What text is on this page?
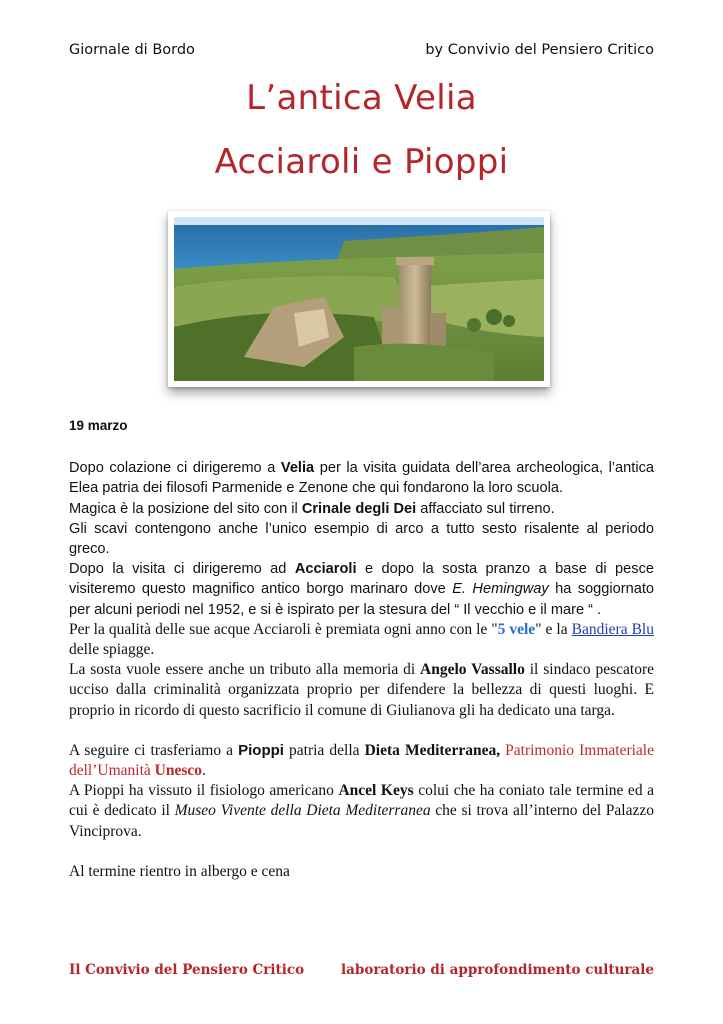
Giornale di Bordo	by Convivio del Pensiero Critico
L’antica Velia
Acciaroli e Pioppi
19 marzo

Dopo colazione ci dirigeremo a Velia per la visita guidata dell’area archeologica, l’antica Elea patria dei filosofi Parmenide e Zenone che qui fondarono la loro scuola.

Magica è la posizione del sito con il Crinale degli Dei affacciato sul tirreno.

Gli scavi contengono anche l’unico esempio di arco a tutto sesto risalente al periodo greco.

Dopo la visita ci dirigeremo ad Acciaroli e dopo la sosta pranzo a base di pesce visiteremo questo magnifico antico borgo marinaro dove E. Hemingway ha soggiornato per alcuni periodi nel 1952, e si è ispirato per la stesura del “ Il vecchio e il mare “ .

Per la qualità delle sue acque Acciaroli è premiata ogni anno con le "5 vele" e la Bandiera Blu delle spiagge.

La sosta vuole essere anche un tributo alla memoria di Angelo Vassallo il sindaco pescatore ucciso dalla criminalità organizzata proprio per difendere la bellezza di questi luoghi. E proprio in ricordo di questo sacrificio il comune di Giulianova gli ha dedicato una targa.

A seguire ci trasferiamo a Pioppi patria della Dieta Mediterranea, Patrimonio Immateriale dell’Umanità Unesco.

A Pioppi ha vissuto il fisiologo americano Ancel Keys colui che ha coniato tale termine ed a cui è dedicato il Museo Vivente della Dieta Mediterranea che si trova all’interno del Palazzo Vinciprova.

Al termine rientro in albergo e cena

Il Convivio del Pensiero Critico	laboratorio di approfondimento culturale
